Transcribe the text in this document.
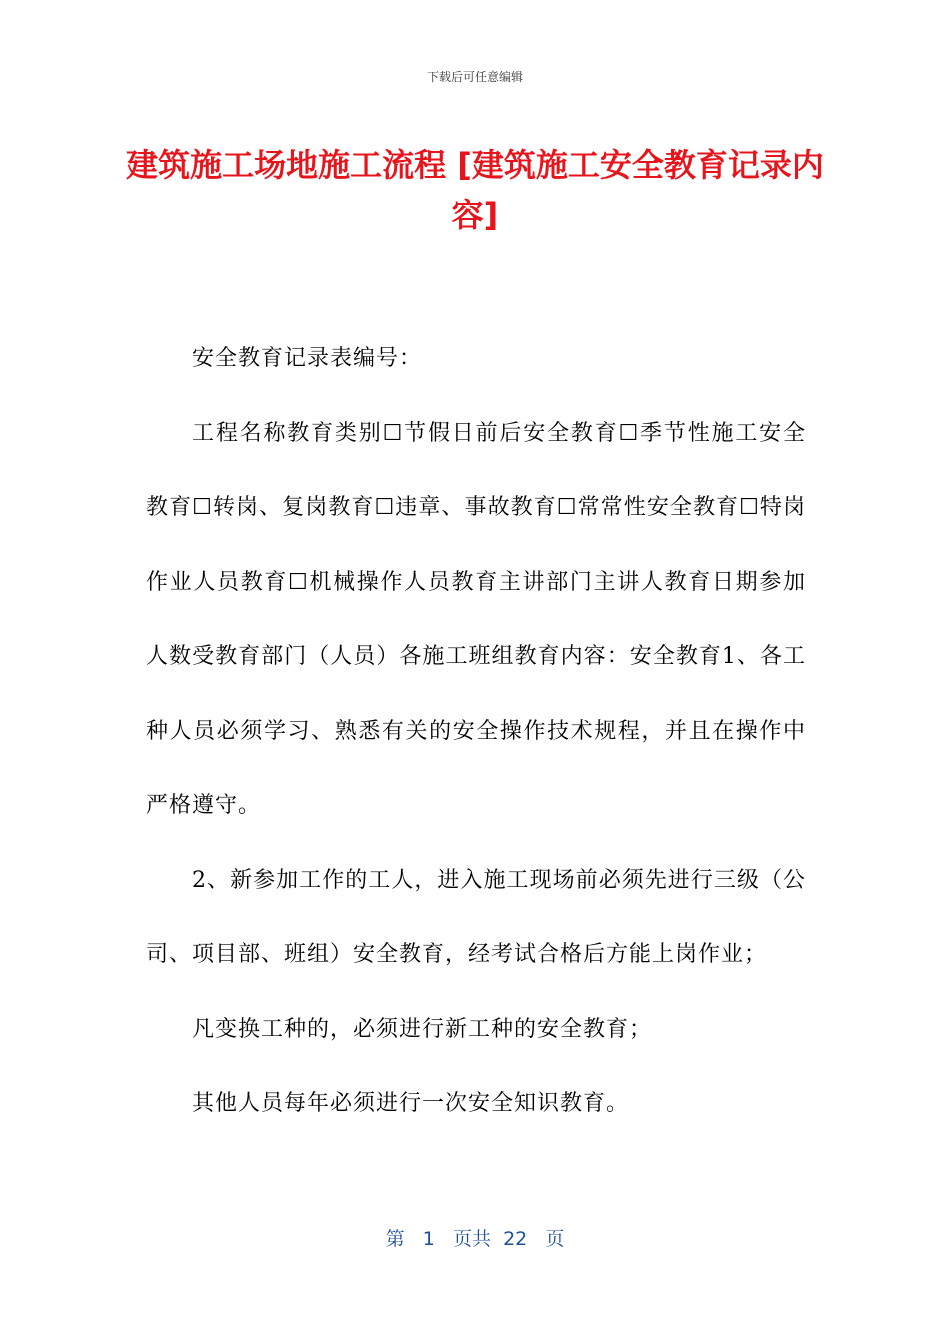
下载后可任意编辑
建筑施工场地施工流程 [建筑施工安全教育记录内容]

安全教育记录表编号：

工程名称教育类别☐节假日前后安全教育☐季节性施工安全教育☐转岗、复岗教育☐违章、事故教育☐常常性安全教育☐特岗作业人员教育☐机械操作人员教育主讲部门主讲人教育日期参加人数受教育部门（人员）各施工班组教育内容：安全教育1、各工种人员必须学习、熟悉有关的安全操作技术规程，并且在操作中严格遵守。

2、新参加工作的工人，进入施工现场前必须先进行三级（公司、项目部、班组）安全教育，经考试合格后方能上岗作业；

凡变换工种的，必须进行新工种的安全教育；

其他人员每年必须进行一次安全知识教育。

第 1 页共 22 页
